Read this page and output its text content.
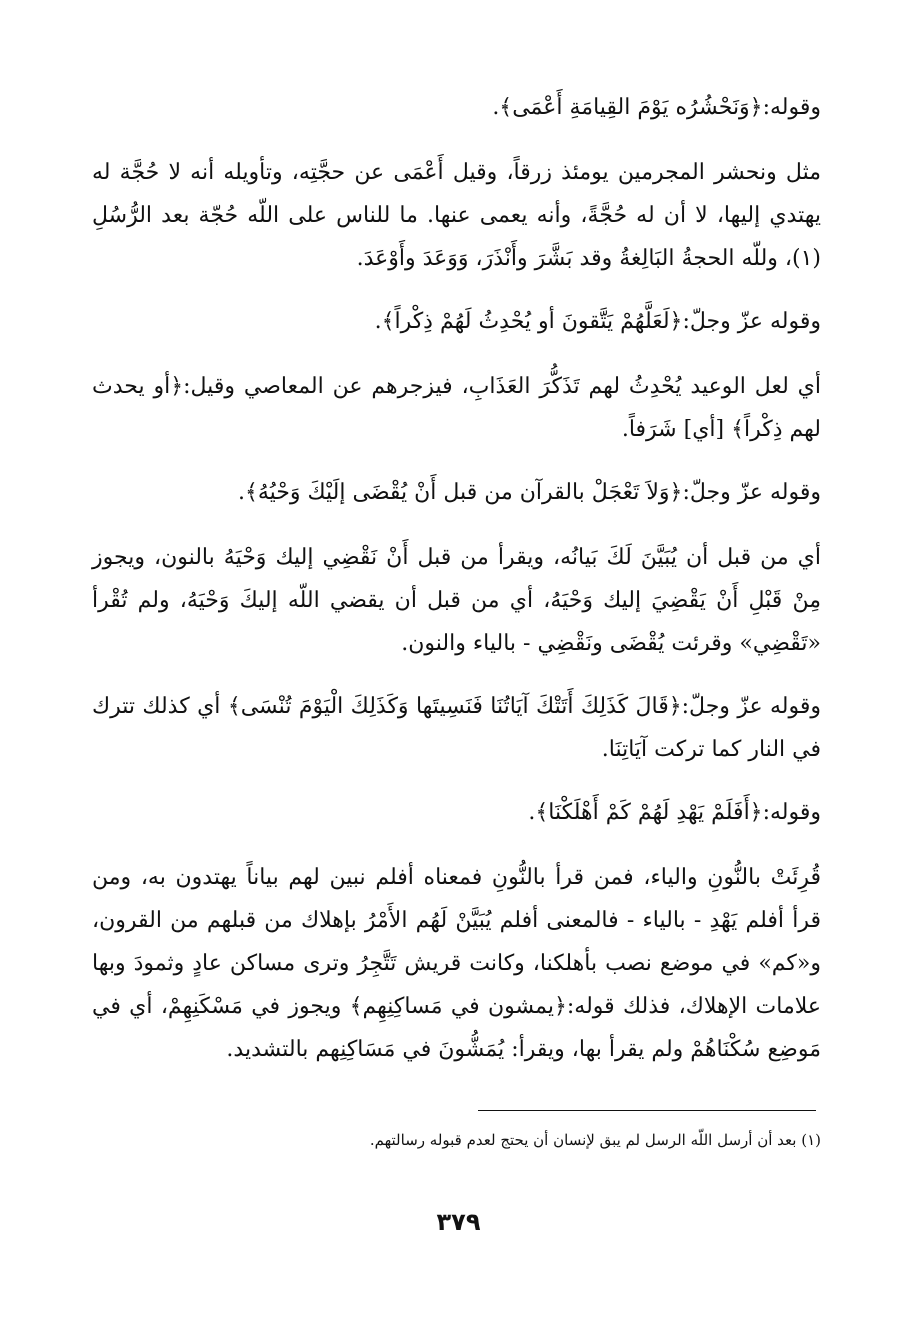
وقوله:﴿وَنَحْشُرُه يَوْمَ القِيامَةِ أَعْمَى﴾.

مثل ونحشر المجرمين يومئذ زرقاً، وقيل أَعْمَى عن حجَّتِه، وتأويله أنه لا حُجَّة له يهتدي إليها، لا أن له حُجَّةً، وأنه يعمى عنها. ما للناس على اللّه حُجّة بعد الرُّسُلِ (١)، وللّه الحجةُ البَالِغةُ وقد بَشَّرَ وأَنْذَرَ، وَوَعَدَ وأَوْعَدَ.

وقوله عزّ وجلّ:﴿لَعَلَّهُمْ يَتَّقونَ أو يُحْدِثُ لَهُمْ ذِكْراً﴾.

أي لعل الوعيد يُحْدِثُ لهم تَذَكُّرَ العَذَابِ، فيزجرهم عن المعاصي وقيل:﴿أو يحدث لهم ذِكْراً﴾ [أي] شَرَفاً.

وقوله عزّ وجلّ:﴿وَلاَ تَعْجَلْ بالقرآن من قبل أَنْ يُقْضَى إلَيْكَ وَحْيُهُ﴾.

أي من قبل أن يُبَيَّنَ لَكَ بَيانُه، ويقرأ من قبل أَنْ نَقْضِي إليك وَحْيَهُ بالنون، ويجوز مِنْ قَبْلِ أَنْ يَقْضِيَ إليك وَحْيَهُ، أي من قبل أن يقضي اللّه إليكَ وَحْيَهُ، ولم تُقْرأ «تَقْضِي» وقرئت يُقْضَى ونَقْضِي - بالياء والنون.

وقوله عزّ وجلّ:﴿قَالَ كَذَلِكَ أَتَتْكَ آيَاتُنَا فَنَسِيتَها وَكَذَلِكَ الْيَوْمَ تُنْسَى﴾ أي كذلك تترك في النار كما تركت آيَاتِنَا.

وقوله:﴿أَفَلَمْ يَهْدِ لَهُمْ كَمْ أَهْلَكْنَا﴾.

قُرِئَتْ بالنُّونِ والياء، فمن قرأ بالنُّونِ فمعناه أفلم نبين لهم بياناً يهتدون به، ومن قرأ أفلم يَهْدِ - بالياء - فالمعنى أفلم يُبَيَّنْ لَهُم الأَمْرُ بإهلاك من قبلهم من القرون، و«كم» في موضع نصب بأهلكنا، وكانت قريش تَتَّجِرُ وترى مساكن عادٍ وثمودَ وبها علامات الإهلاك، فذلك قوله:﴿يمشون في مَساكِنِهِم﴾ ويجوز في مَسْكَنِهِمْ، أي في مَوضِع سُكْنَاهُمْ ولم يقرأ بها، ويقرأ: يُمَشُّونَ في مَسَاكِنِهم بالتشديد.

(١) بعد أن أرسل اللّه الرسل لم يبق لإنسان أن يحتج لعدم قبوله رسالتهم.
٣٧٩
